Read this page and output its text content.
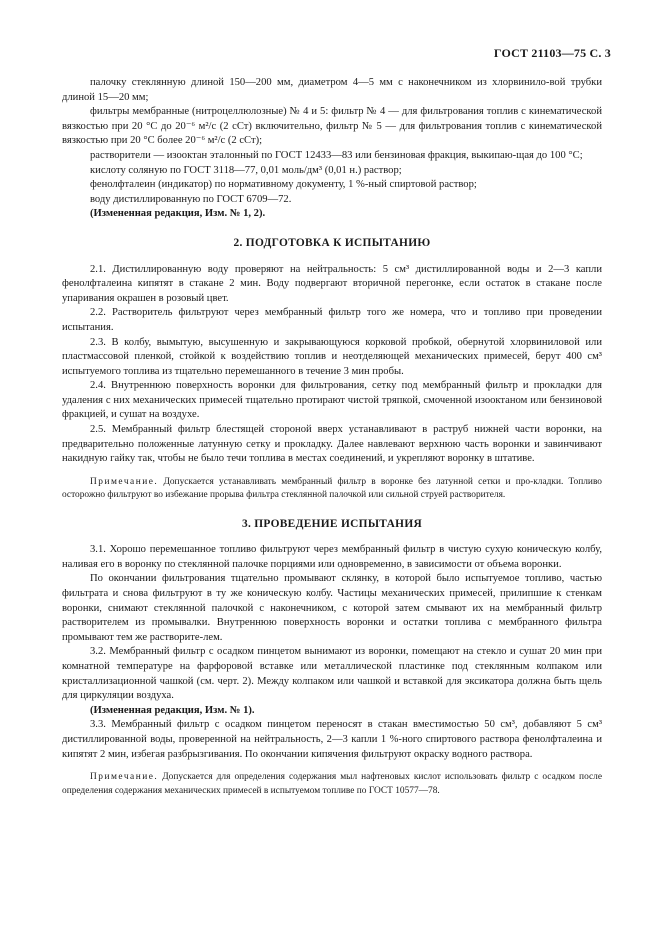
ГОСТ 21103—75 С. 3

палочку стеклянную длиной 150—200 мм, диаметром 4—5 мм с наконечником из хлорвинило-вой трубки длиной 15—20 мм;

фильтры мембранные (нитроцеллюлозные) № 4 и 5: фильтр № 4 — для фильтрования топлив с кинематической вязкостью при 20 °С до 20⁻⁶ м²/с (2 сСт) включительно, фильтр № 5 — для фильтрования топлив с кинематической вязкостью при 20 °С более 20⁻⁶ м²/с (2 сСт);

растворители — изооктан эталонный по ГОСТ 12433—83 или бензиновая фракция, выкипаю-щая до 100 °С;

кислоту соляную по ГОСТ 3118—77, 0,01 моль/дм³ (0,01 н.) раствор;

фенолфталеин (индикатор) по нормативному документу, 1 %-ный спиртовой раствор;

воду дистиллированную по ГОСТ 6709—72.

(Измененная редакция, Изм. № 1, 2).

2. ПОДГОТОВКА К ИСПЫТАНИЮ

2.1. Дистиллированную воду проверяют на нейтральность: 5 см³ дистиллированной воды и 2—3 капли фенолфталеина кипятят в стакане 2 мин. Воду подвергают вторичной перегонке, если остаток в стакане после упаривания окрашен в розовый цвет.

2.2. Растворитель фильтруют через мембранный фильтр того же номера, что и топливо при проведении испытания.

2.3. В колбу, вымытую, высушенную и закрывающуюся корковой пробкой, обернутой хлорвиниловой или пластмассовой пленкой, стойкой к воздействию топлив и неотделяющей механических примесей, берут 400 см³ испытуемого топлива из тщательно перемешанного в течение 3 мин пробы.

2.4. Внутреннюю поверхность воронки для фильтрования, сетку под мембранный фильтр и прокладки для удаления с них механических примесей тщательно протирают чистой тряпкой, смоченной изооктаном или бензиновой фракцией, и сушат на воздухе.

2.5. Мембранный фильтр блестящей стороной вверх устанавливают в раструб нижней части воронки, на предварительно положенные латунную сетку и прокладку. Далее навлевают верхнюю часть воронки и завинчивают накидную гайку так, чтобы не было течи топлива в местах соединений, и укрепляют воронку в штативе.

Примечание. Допускается устанавливать мембранный фильтр в воронке без латунной сетки и про-кладки. Топливо осторожно фильтруют во избежание прорыва фильтра стеклянной палочкой или сильной струей растворителя.

3. ПРОВЕДЕНИЕ ИСПЫТАНИЯ

3.1. Хорошо перемешанное топливо фильтруют через мембранный фильтр в чистую сухую коническую колбу, наливая его в воронку по стеклянной палочке порциями или одновременно, в зависимости от объема воронки.

По окончании фильтрования тщательно промывают склянку, в которой было испытуемое топливо, частью фильтрата и снова фильтруют в ту же коническую колбу. Частицы механических примесей, прилипшие к стенкам воронки, снимают стеклянной палочкой с наконечником, с которой затем смывают их на мембранный фильтр растворителем из промывалки. Внутреннюю поверхность воронки и остатки топлива с мембранного фильтра промывают тем же растворите-лем.

3.2. Мембранный фильтр с осадком пинцетом вынимают из воронки, помещают на стекло и сушат 20 мин при комнатной температуре на фарфоровой вставке или металлической пластинке под стеклянным колпаком или кристаллизационной чашкой (см. черт. 2). Между колпаком или чашкой и вставкой для эксикатора должна быть щель для циркуляции воздуха.

(Измененная редакция, Изм. № 1).

3.3. Мембранный фильтр с осадком пинцетом переносят в стакан вместимостью 50 см³, добавляют 5 см³ дистиллированной воды, проверенной на нейтральность, 2—3 капли 1 %-ного спиртового раствора фенолфталеина и кипятят 2 мин, избегая разбрызгивания. По окончании кипячения фильтруют окраску водного раствора.

Примечание. Допускается для определения содержания мыл нафтеновых кислот использовать фильтр с осадком после определения содержания механических примесей в испытуемом топливе по ГОСТ 10577—78.
